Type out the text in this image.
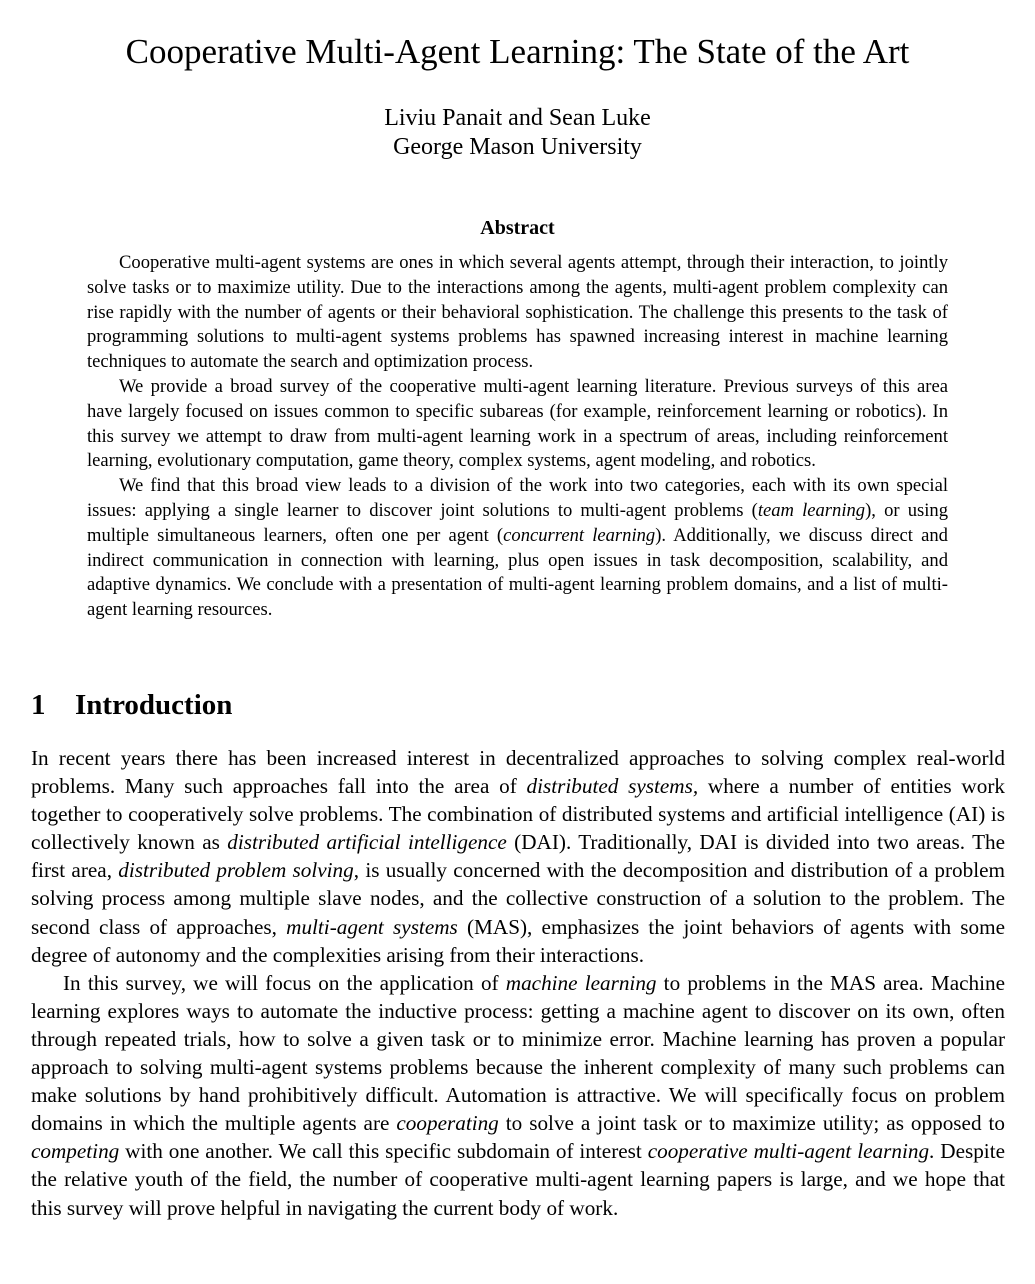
Cooperative Multi-Agent Learning: The State of the Art
Liviu Panait and Sean Luke
George Mason University
Abstract

Cooperative multi-agent systems are ones in which several agents attempt, through their interaction, to jointly solve tasks or to maximize utility. Due to the interactions among the agents, multi-agent problem complexity can rise rapidly with the number of agents or their behavioral sophistication. The challenge this presents to the task of programming solutions to multi-agent systems problems has spawned increasing interest in machine learning techniques to automate the search and optimization process.

We provide a broad survey of the cooperative multi-agent learning literature. Previous surveys of this area have largely focused on issues common to specific subareas (for example, reinforcement learning or robotics). In this survey we attempt to draw from multi-agent learning work in a spectrum of areas, including reinforcement learning, evolutionary computation, game theory, complex systems, agent modeling, and robotics.

We find that this broad view leads to a division of the work into two categories, each with its own special issues: applying a single learner to discover joint solutions to multi-agent problems (team learning), or using multiple simultaneous learners, often one per agent (concurrent learning). Additionally, we discuss direct and indirect communication in connection with learning, plus open issues in task decomposition, scalability, and adaptive dynamics. We conclude with a presentation of multi-agent learning problem domains, and a list of multi-agent learning resources.

1 Introduction

In recent years there has been increased interest in decentralized approaches to solving complex real-world problems. Many such approaches fall into the area of distributed systems, where a number of entities work together to cooperatively solve problems. The combination of distributed systems and artificial intelligence (AI) is collectively known as distributed artificial intelligence (DAI). Traditionally, DAI is divided into two areas. The first area, distributed problem solving, is usually concerned with the decomposition and distribution of a problem solving process among multiple slave nodes, and the collective construction of a solution to the problem. The second class of approaches, multi-agent systems (MAS), emphasizes the joint behaviors of agents with some degree of autonomy and the complexities arising from their interactions.

In this survey, we will focus on the application of machine learning to problems in the MAS area. Machine learning explores ways to automate the inductive process: getting a machine agent to discover on its own, often through repeated trials, how to solve a given task or to minimize error. Machine learning has proven a popular approach to solving multi-agent systems problems because the inherent complexity of many such problems can make solutions by hand prohibitively difficult. Automation is attractive. We will specifically focus on problem domains in which the multiple agents are cooperating to solve a joint task or to maximize utility; as opposed to competing with one another. We call this specific subdomain of interest cooperative multi-agent learning. Despite the relative youth of the field, the number of cooperative multi-agent learning papers is large, and we hope that this survey will prove helpful in navigating the current body of work.
